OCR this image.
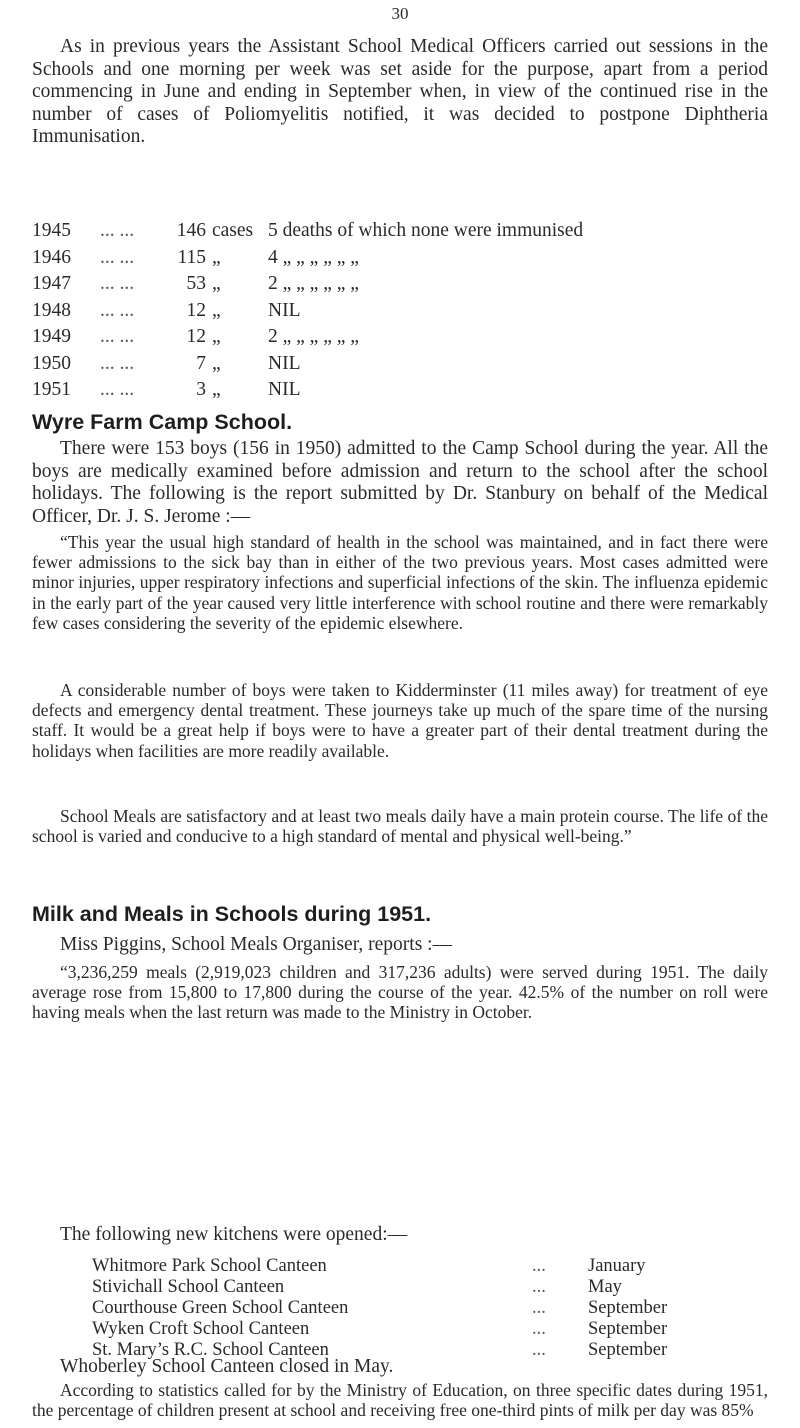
30

As in previous years the Assistant School Medical Officers carried out sessions in the Schools and one morning per week was set aside for the purpose, apart from a period commencing in June and ending in September when, in view of the continued rise in the number of cases of Poliomyelitis notified, it was decided to postpone Diphtheria Immunisation.

1945	... ...	146	cases	5 deaths of which none were immunised
1946	... ...	115	„	4 „ „ „ „ „ „
1947	... ...	53	„	2 „ „ „ „ „ „
1948	... ...	12	„	NIL
1949	... ...	12	„	2 „ „ „ „ „ „
1950	... ...	7	„	NIL
1951	... ...	3	„	NIL
Wyre Farm Camp School.

There were 153 boys (156 in 1950) admitted to the Camp School during the year. All the boys are medically examined before admission and return to the school after the school holidays. The following is the report submitted by Dr. Stanbury on behalf of the Medical Officer, Dr. J. S. Jerome :—

“This year the usual high standard of health in the school was maintained, and in fact there were fewer admissions to the sick bay than in either of the two previous years. Most cases admitted were minor injuries, upper respiratory infections and superficial infections of the skin. The influenza epidemic in the early part of the year caused very little interference with school routine and there were remarkably few cases considering the severity of the epidemic elsewhere.

A considerable number of boys were taken to Kidderminster (11 miles away) for treatment of eye defects and emergency dental treatment. These journeys take up much of the spare time of the nursing staff. It would be a great help if boys were to have a greater part of their dental treatment during the holidays when facilities are more readily available.

School Meals are satisfactory and at least two meals daily have a main protein course. The life of the school is varied and conducive to a high standard of mental and physical well-being.”

Milk and Meals in Schools during 1951.

Miss Piggins, School Meals Organiser, reports :—

“3,236,259 meals (2,919,023 children and 317,236 adults) were served during 1951. The daily average rose from 15,800 to 17,800 during the course of the year. 42.5% of the number on roll were having meals when the last return was made to the Ministry in October.

The following new kitchens were opened:—

Whitmore Park School Canteen	...	January
Stivichall School Canteen	...	May
Courthouse Green School Canteen	...	September
Wyken Croft School Canteen	...	September
St. Mary’s R.C. School Canteen	...	September

Whoberley School Canteen closed in May.

According to statistics called for by the Ministry of Education, on three specific dates during 1951, the percentage of children present at school and receiving free one-third pints of milk per day was 85%
